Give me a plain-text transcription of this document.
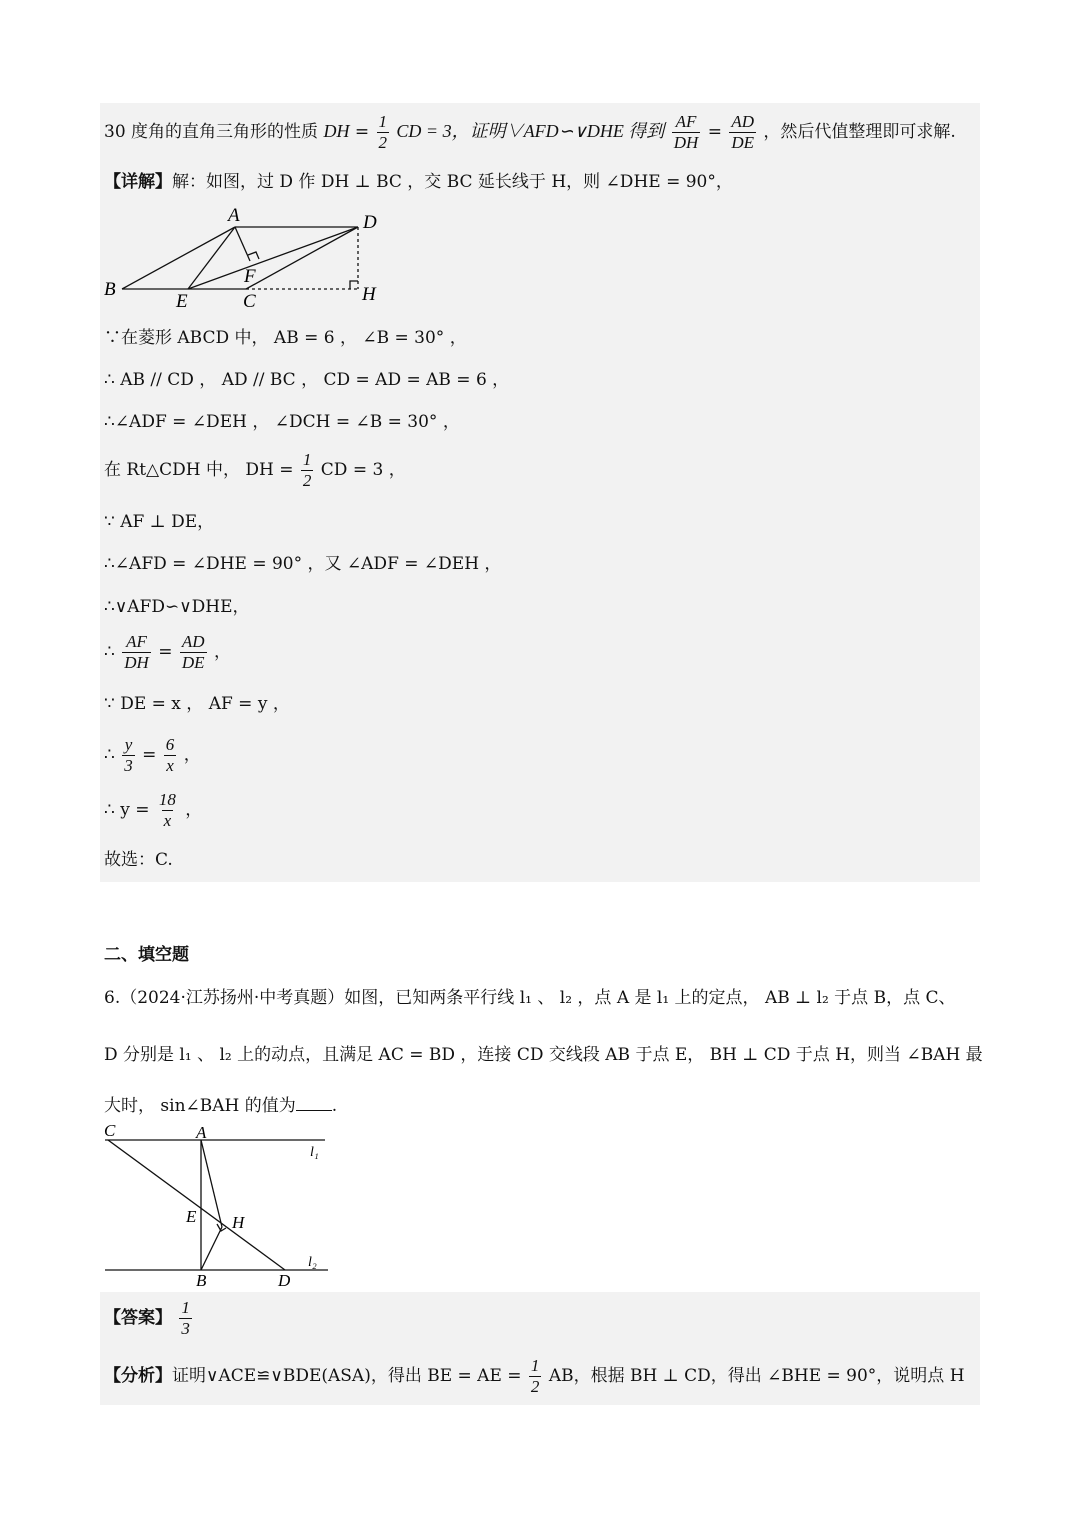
30 度角的直角三角形的性质 DH = $\frac{1}{2}$ CD = 3，证明∨AFD∽∨DHE 得到 $\frac{AF}{DH} = \frac{AD}{DE}$ ，然后代值整理即可求解.
【详解】解：如图，过 D 作 DH ⊥ BC ，交 BC 延长线于 H，则 ∠DHE = 90°，
A	D
B
E
F
C	H
∵在菱形 ABCD 中， AB = 6 ， ∠B = 30° ，
∴ AB // CD ， AD // BC ， CD = AD = AB = 6 ，
∴∠ADF = ∠DEH ， ∠DCH = ∠B = 30° ，
在 Rt△CDH 中， DH = $\frac{1}{2}$ CD = 3 ，
∵ AF ⊥ DE，
∴∠AFD = ∠DHE = 90° ，又 ∠ADF = ∠DEH ，
∴∨AFD∽∨DHE，
∴ $\frac{AF}{DH} = \frac{AD}{DE}$ ，
∵ DE = x ， AF = y ，
∴ $\frac{y}{3} = \frac{6}{x}$ ，
∴ $y = \frac{18}{x}$ ，
故选：C.
二、填空题
6.（2024·江苏扬州·中考真题）如图，已知两条平行线 l₁ 、 l₂ ，点 A 是 l₁ 上的定点， AB ⊥ l₂ 于点 B，点 C、
D 分别是 l₁ 、 l₂ 上的动点，且满足 AC = BD ，连接 CD 交线段 AB 于点 E， BH ⊥ CD 于点 H，则当 ∠BAH 最
大时， sin∠BAH 的值为 .
C	A
l₁
E H
l₂
B	D
【答案】 $\frac{1}{3}$
【分析】证明∨ACE≌∨BDE(ASA)，得出 BE = AE = $\frac{1}{2}$ AB，根据 BH ⊥ CD，得出 ∠BHE = 90°，说明点 H
